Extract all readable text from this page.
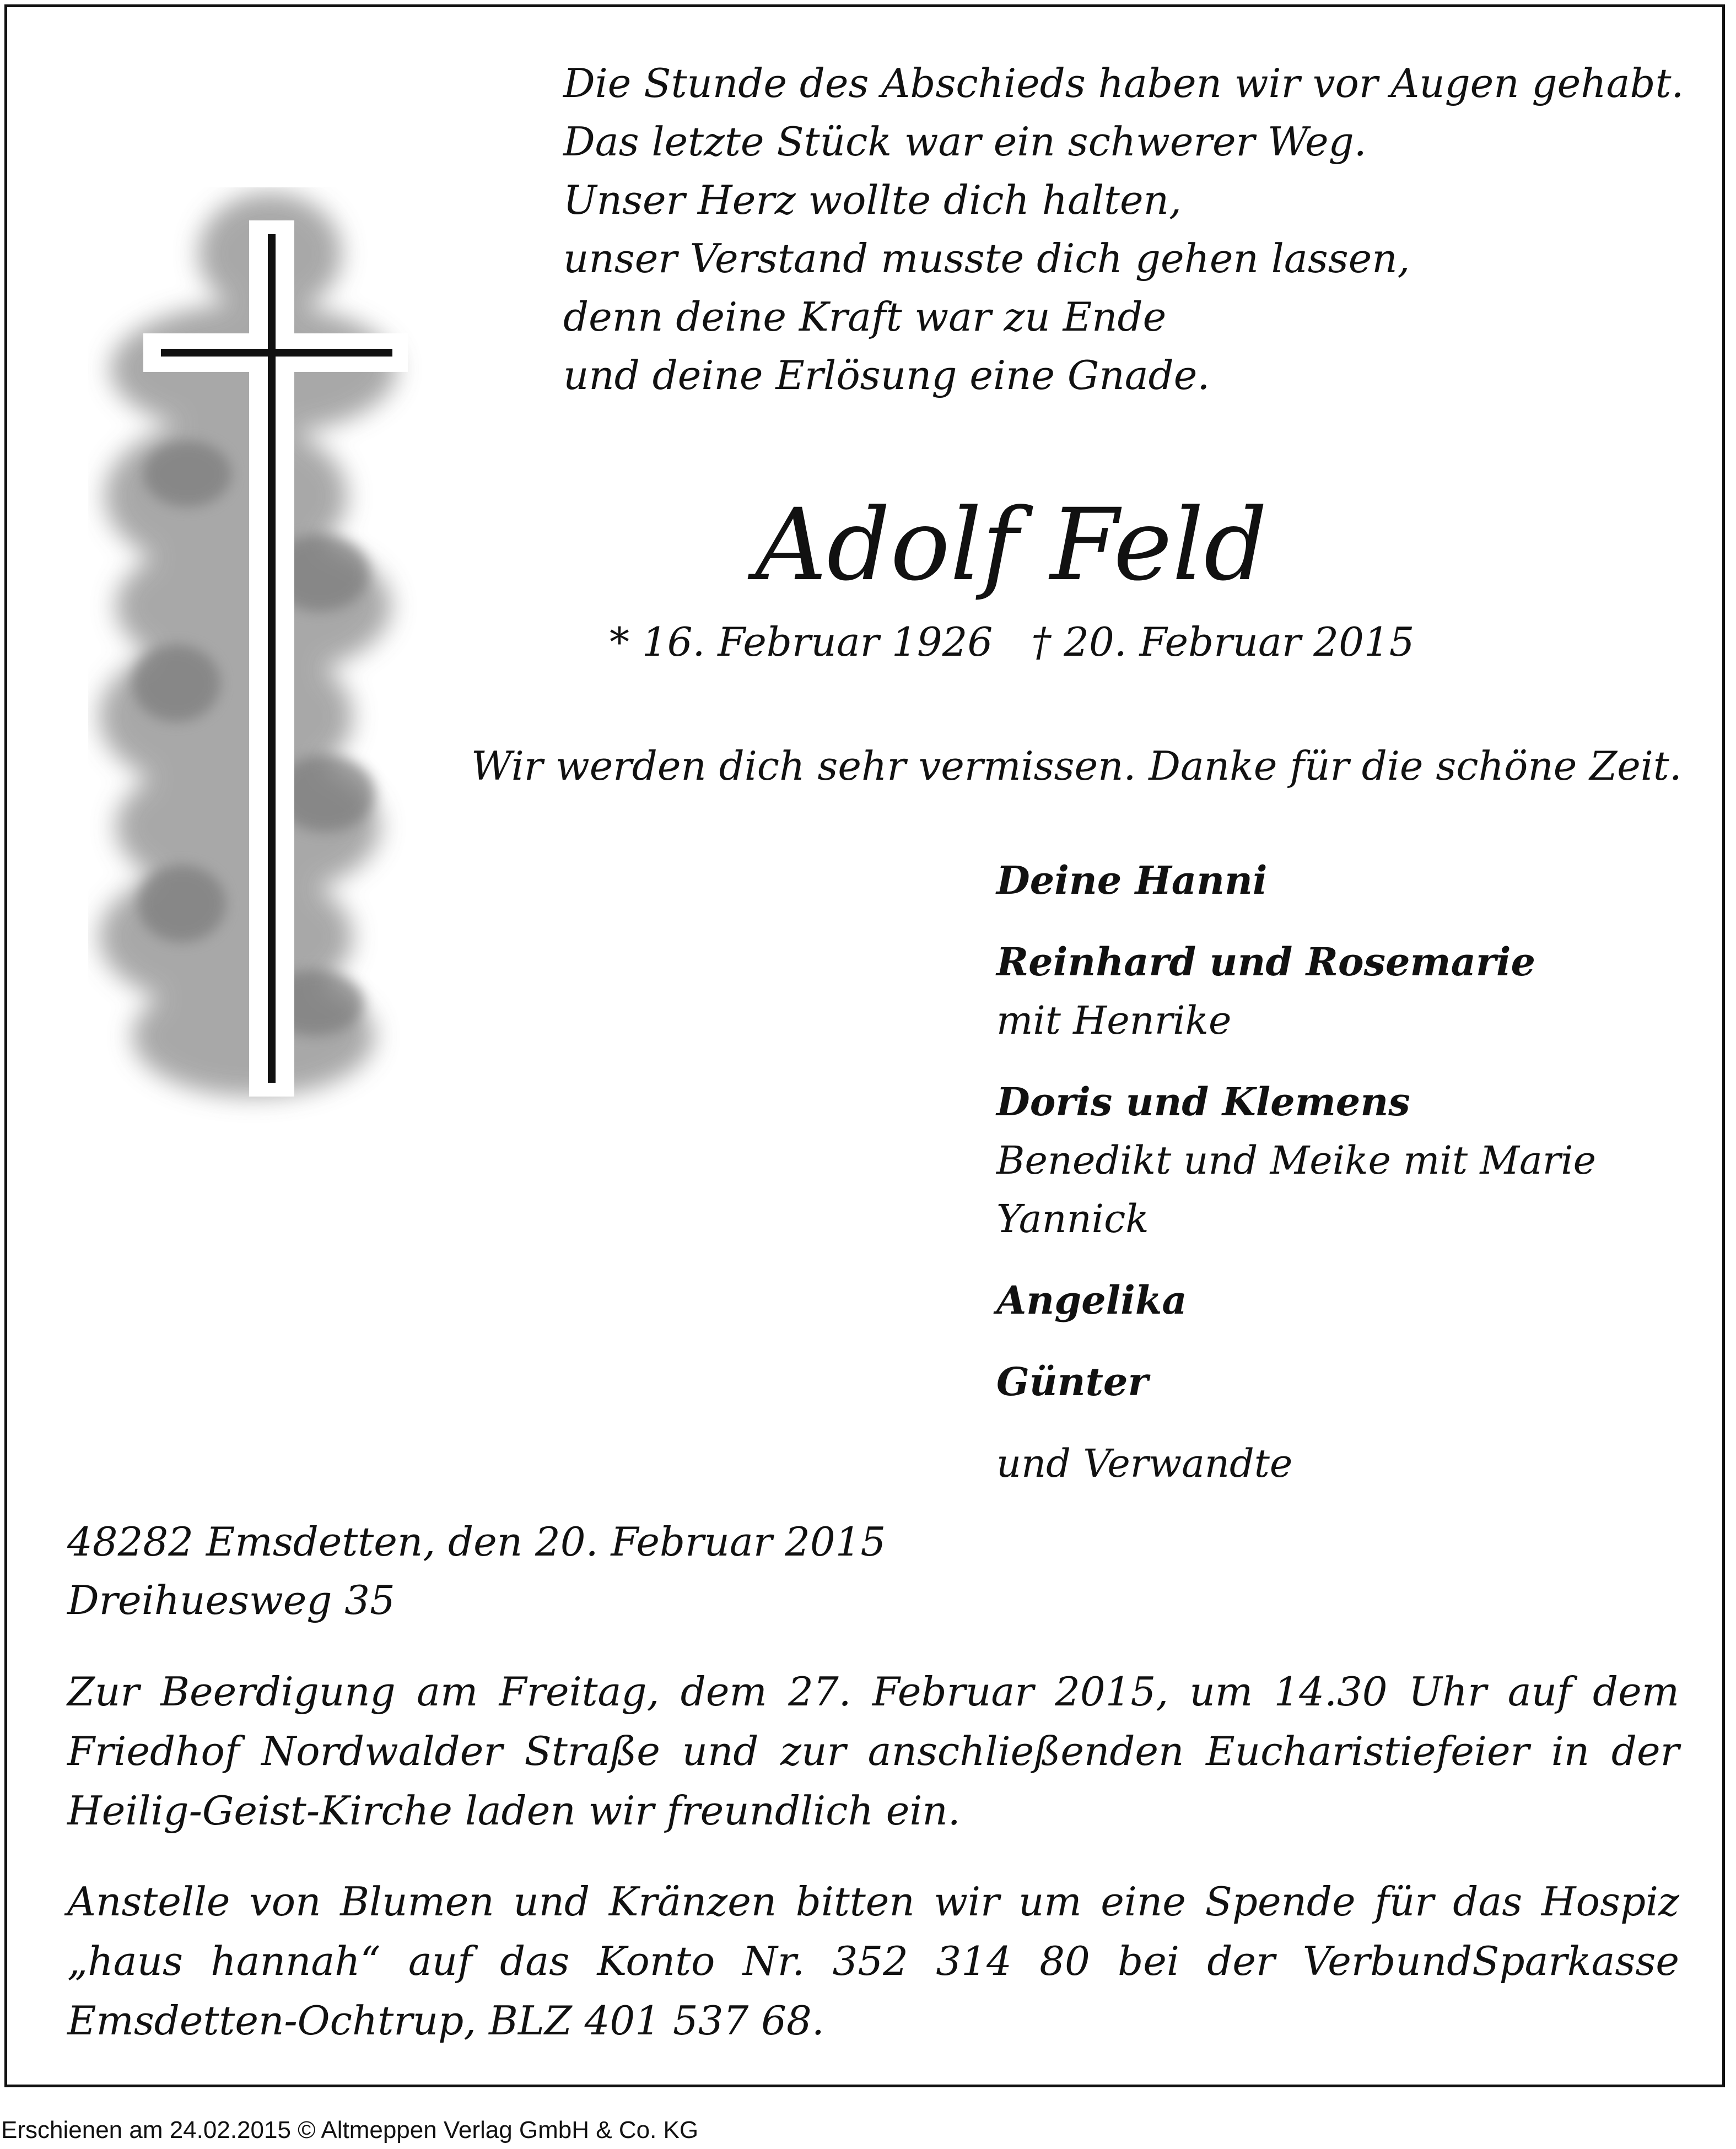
Die Stunde des Abschieds haben wir vor Augen gehabt.
Das letzte Stück war ein schwerer Weg.
Unser Herz wollte dich halten,
unser Verstand musste dich gehen lassen,
denn deine Kraft war zu Ende
und deine Erlösung eine Gnade.
Adolf Feld
* 16. Februar 1926 † 20. Februar 2015
Wir werden dich sehr vermissen. Danke für die schöne Zeit.
Deine Hanni
Reinhard und Rosemarie
mit Henrike
Doris und Klemens
Benedikt und Meike mit Marie
Yannick
Angelika
Günter
und Verwandte
48282 Emsdetten, den 20. Februar 2015
Dreihuesweg 35
Zur Beerdigung am Freitag, dem 27. Februar 2015, um 14.30 Uhr auf dem Friedhof Nordwalder Straße und zur anschließenden Eucharistiefeier in der Heilig-Geist-Kirche laden wir freundlich ein.
Anstelle von Blumen und Kränzen bitten wir um eine Spende für das Hospiz „haus hannah“ auf das Konto Nr. 352 314 80 bei der VerbundSparkasse Emsdetten-Ochtrup, BLZ 401 537 68.
Erschienen am 24.02.2015 © Altmeppen Verlag GmbH & Co. KG
